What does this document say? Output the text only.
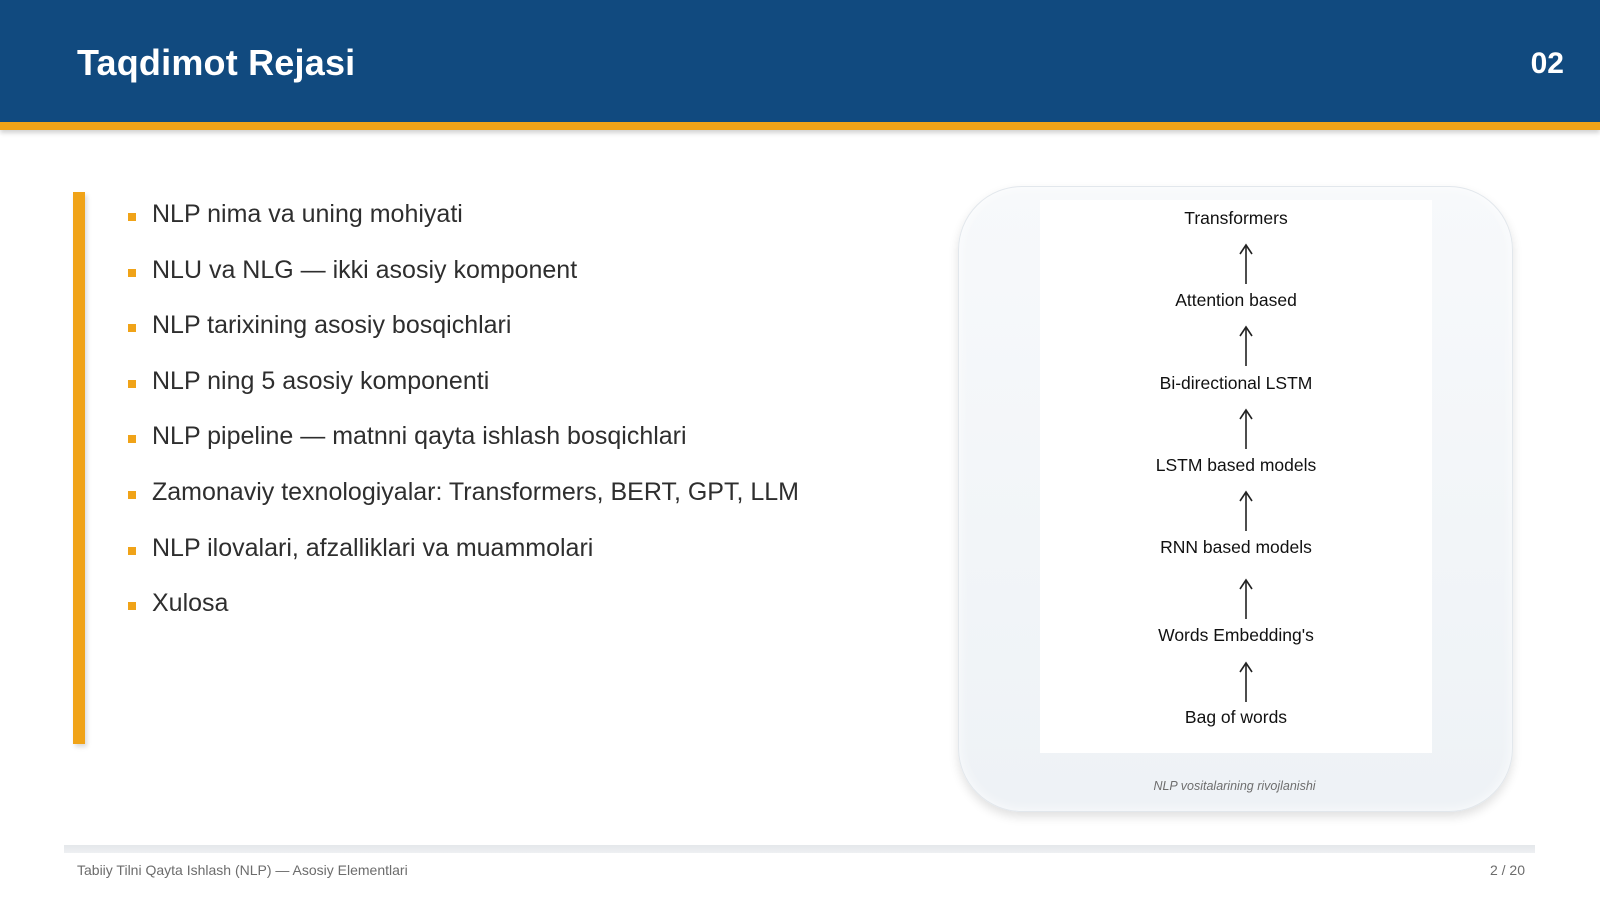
Taqdimot Rejasi	02
NLP nima va uning mohiyati
NLU va NLG — ikki asosiy komponent
NLP tarixining asosiy bosqichlari
NLP ning 5 asosiy komponenti
NLP pipeline — matnni qayta ishlash bosqichlari
Zamonaviy texnologiyalar: Transformers, BERT, GPT, LLM
NLP ilovalari, afzalliklari va muammolari
Xulosa
Transformers
Attention based
Bi-directional LSTM
LSTM based models
RNN based models
Words Embedding's
Bag of words
NLP vositalarining rivojlanishi
Tabiiy Tilni Qayta Ishlash (NLP) — Asosiy Elementlari	2 / 20
